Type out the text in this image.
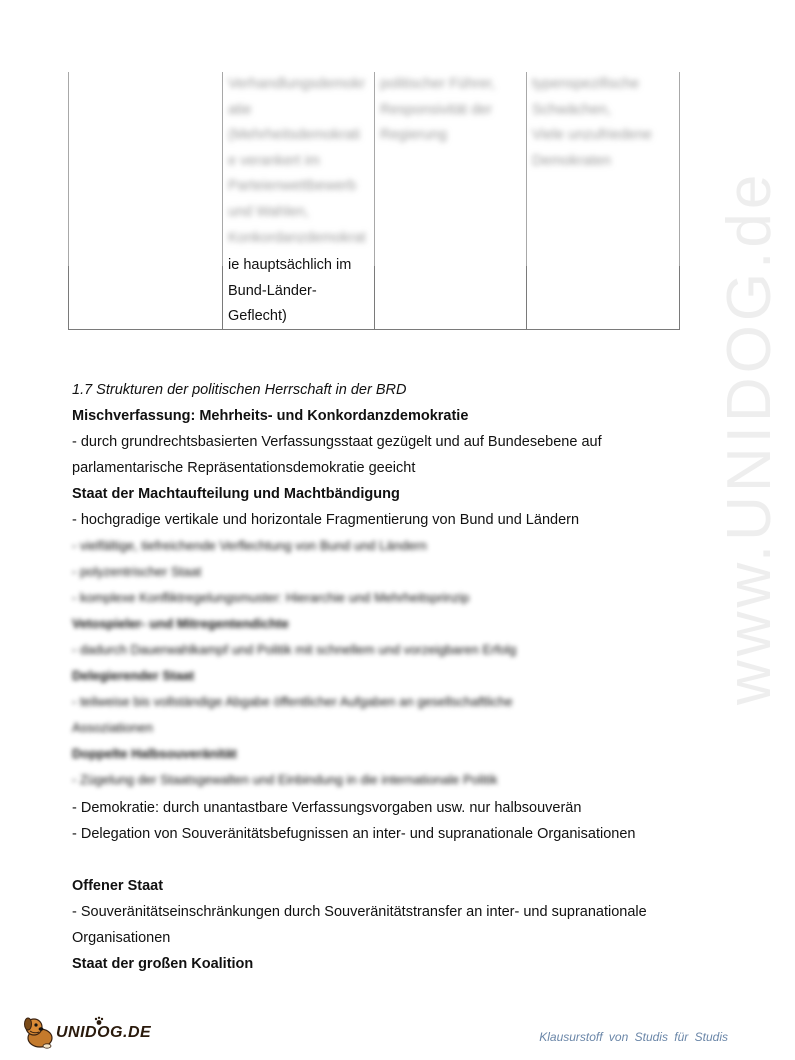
Verhandlungsdemokr
atie
(Mehrheitsdemokrati
e verankert im
Parteienwettbewerb
und Wahlen,
Konkordanzdemokrat
politischer Führer,
Responsivität der
Regierung
typenspezifische
Schwächen,
Viele unzufriedene
Demokraten
ie hauptsächlich im
Bund-Länder-
Geflecht)
1.7 Strukturen der politischen Herrschaft in der BRD
Mischverfassung: Mehrheits- und Konkordanzdemokratie
- durch grundrechtsbasierten Verfassungsstaat gezügelt und auf Bundesebene auf
parlamentarische Repräsentationsdemokratie geeicht
Staat der Machtaufteilung und Machtbändigung
- hochgradige vertikale und horizontale Fragmentierung von Bund und Ländern
- vielfältige, tiefreichende Verflechtung von Bund und Ländern
- polyzentrischer Staat
- komplexe Konfliktregelungsmuster: Hierarchie und Mehrheitsprinzip
Vetospieler- und Mitregentendichte
- dadurch Dauerwahlkampf und Politik mit schnellem und vorzeigbaren Erfolg
Delegierender Staat
- teilweise bis vollständige Abgabe öffentlicher Aufgaben an gesellschaftliche
Assoziationen
Doppelte Halbsouveränität
- Zügelung der Staatsgewalten und Einbindung in die internationale Politik
- Demokratie: durch unantastbare Verfassungsvorgaben usw. nur halbsouverän
- Delegation von Souveränitätsbefugnissen an inter- und supranationale Organisationen
Offener Staat
- Souveränitätseinschränkungen durch Souveränitätstransfer an inter- und supranationale
Organisationen
Staat der großen Koalition
www.UNIDOG.de
UNIDOG.DE	Klausurstoff von Studis für Studis
